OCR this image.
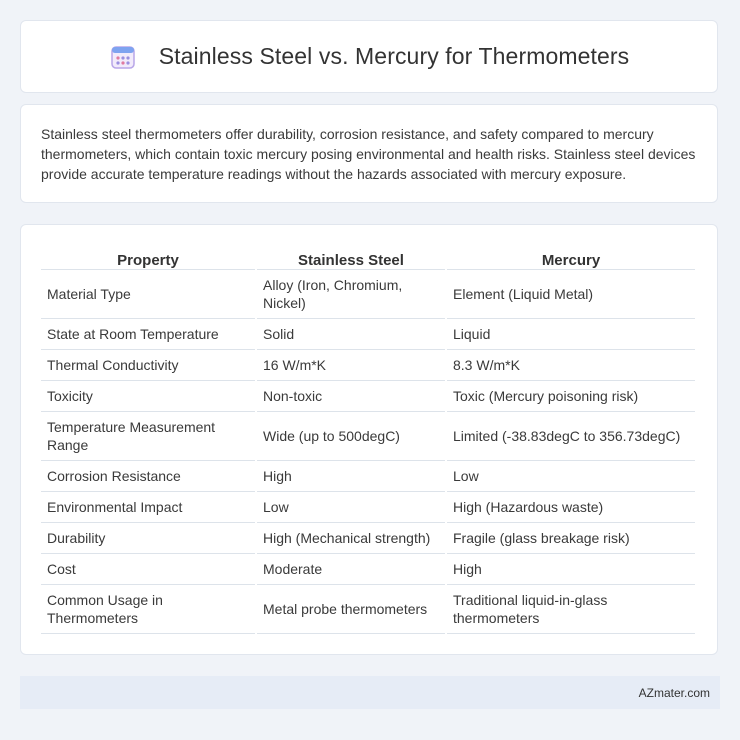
Stainless Steel vs. Mercury for Thermometers

Stainless steel thermometers offer durability, corrosion resistance, and safety compared to mercury thermometers, which contain toxic mercury posing environmental and health risks. Stainless steel devices provide accurate temperature readings without the hazards associated with mercury exposure.

Property	Stainless Steel	Mercury
Material Type	Alloy (Iron, Chromium, Nickel)	Element (Liquid Metal)
State at Room Temperature	Solid	Liquid
Thermal Conductivity	16 W/m*K	8.3 W/m*K
Toxicity	Non-toxic	Toxic (Mercury poisoning risk)
Temperature Measurement Range	Wide (up to 500degC)	Limited (-38.83degC to 356.73degC)
Corrosion Resistance	High	Low
Environmental Impact	Low	High (Hazardous waste)
Durability	High (Mechanical strength)	Fragile (glass breakage risk)
Cost	Moderate	High
Common Usage in Thermometers	Metal probe thermometers	Traditional liquid-in-glass thermometers
AZmater.com
